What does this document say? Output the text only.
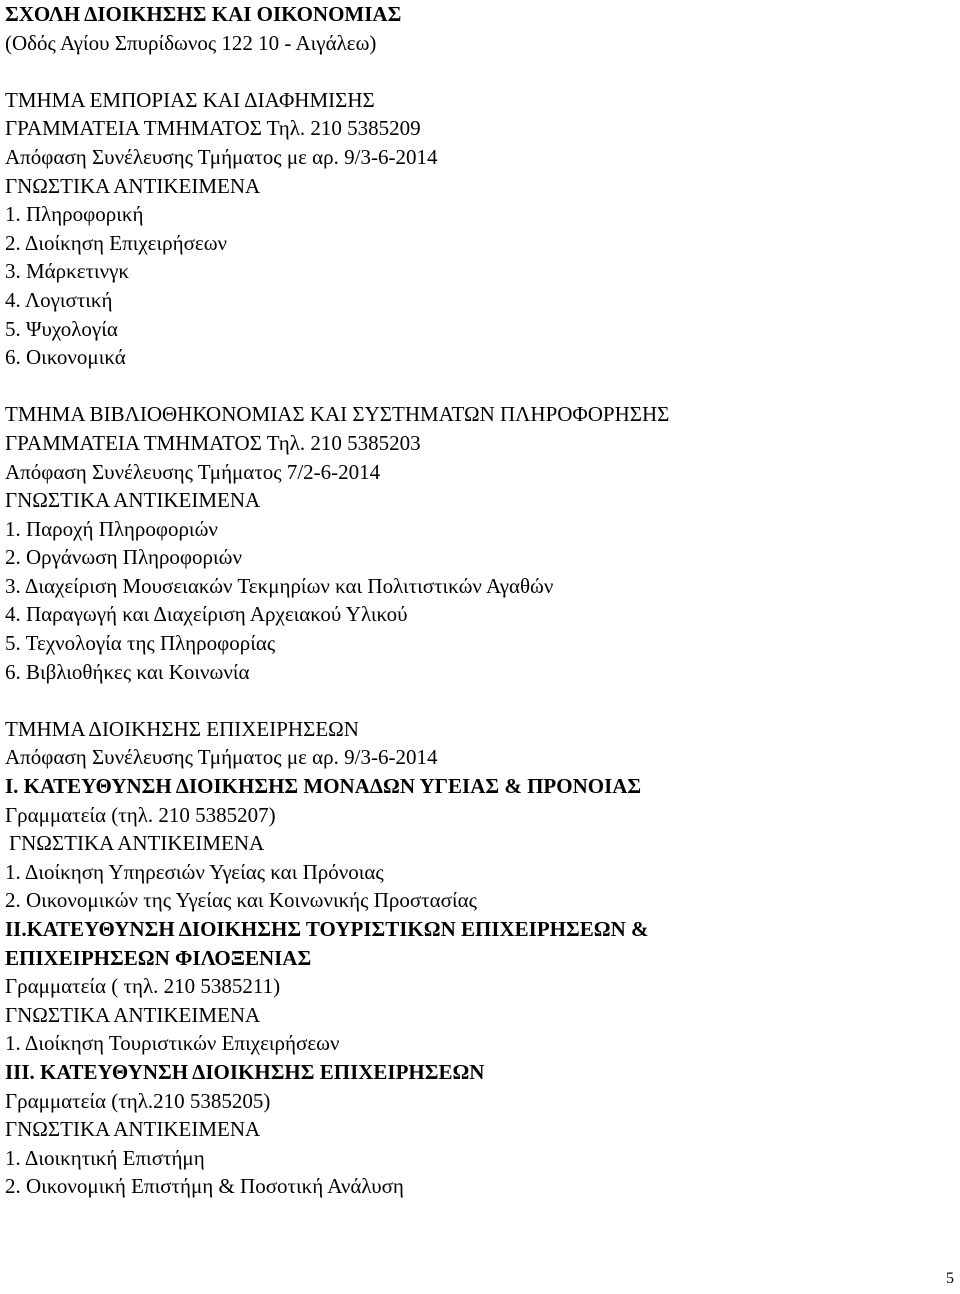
ΣΧΟΛΗ ΔΙΟΙΚΗΣΗΣ ΚΑΙ ΟΙΚΟΝΟΜΙΑΣ
(Οδός Αγίου Σπυρίδωνος 122 10 - Αιγάλεω)
ΤΜΗΜΑ ΕΜΠΟΡΙΑΣ ΚΑΙ ΔΙΑΦΗΜΙΣΗΣ
ΓΡΑΜΜΑΤΕΙΑ ΤΜΗΜΑΤΟΣ Τηλ. 210 5385209
Απόφαση Συνέλευσης Τμήματος με αρ. 9/3-6-2014
ΓΝΩΣΤΙΚΑ ΑΝΤΙΚΕΙΜΕΝΑ
1. Πληροφορική
2. Διοίκηση Επιχειρήσεων
3. Μάρκετινγκ
4. Λογιστική
5. Ψυχολογία
6. Οικονομικά
ΤΜΗΜΑ ΒΙΒΛΙΟΘΗΚΟΝΟΜΙΑΣ ΚΑΙ ΣΥΣΤΗΜΑΤΩΝ ΠΛΗΡΟΦΟΡΗΣΗΣ
ΓΡΑΜΜΑΤΕΙΑ ΤΜΗΜΑΤΟΣ Τηλ. 210 5385203
Απόφαση Συνέλευσης Τμήματος 7/2-6-2014
ΓΝΩΣΤΙΚΑ ΑΝΤΙΚΕΙΜΕΝΑ
1. Παροχή Πληροφοριών
2. Οργάνωση Πληροφοριών
3. Διαχείριση Μουσειακών Τεκμηρίων και Πολιτιστικών Αγαθών
4. Παραγωγή και Διαχείριση Αρχειακού Υλικού
5. Τεχνολογία της Πληροφορίας
6. Βιβλιοθήκες και Κοινωνία
ΤΜΗΜΑ ΔΙΟΙΚΗΣΗΣ ΕΠΙΧΕΙΡΗΣΕΩΝ
Απόφαση Συνέλευσης Τμήματος με αρ. 9/3-6-2014
Ι. ΚΑΤΕΥΘΥΝΣΗ ΔΙΟΙΚΗΣΗΣ ΜΟΝΑΔΩΝ ΥΓΕΙΑΣ & ΠΡΟΝΟΙΑΣ
Γραμματεία (τηλ. 210 5385207)
ΓΝΩΣΤΙΚΑ ΑΝΤΙΚΕΙΜΕΝΑ
1. Διοίκηση Υπηρεσιών Υγείας και Πρόνοιας
2. Οικονομικών της Υγείας και Κοινωνικής Προστασίας
ΙΙ.ΚΑΤΕΥΘΥΝΣΗ ΔΙΟΙΚΗΣΗΣ ΤΟΥΡΙΣΤΙΚΩΝ ΕΠΙΧΕΙΡΗΣΕΩΝ &
ΕΠΙΧΕΙΡΗΣΕΩΝ ΦΙΛΟΞΕΝΙΑΣ
Γραμματεία ( τηλ. 210 5385211)
ΓΝΩΣΤΙΚΑ ΑΝΤΙΚΕΙΜΕΝΑ
1. Διοίκηση Τουριστικών Επιχειρήσεων
ΙΙΙ. ΚΑΤΕΥΘΥΝΣΗ ΔΙΟΙΚΗΣΗΣ ΕΠΙΧΕΙΡΗΣΕΩΝ
Γραμματεία (τηλ.210 5385205)
ΓΝΩΣΤΙΚΑ ΑΝΤΙΚΕΙΜΕΝΑ
1. Διοικητική Επιστήμη
2. Οικονομική Επιστήμη & Ποσοτική Ανάλυση
5
